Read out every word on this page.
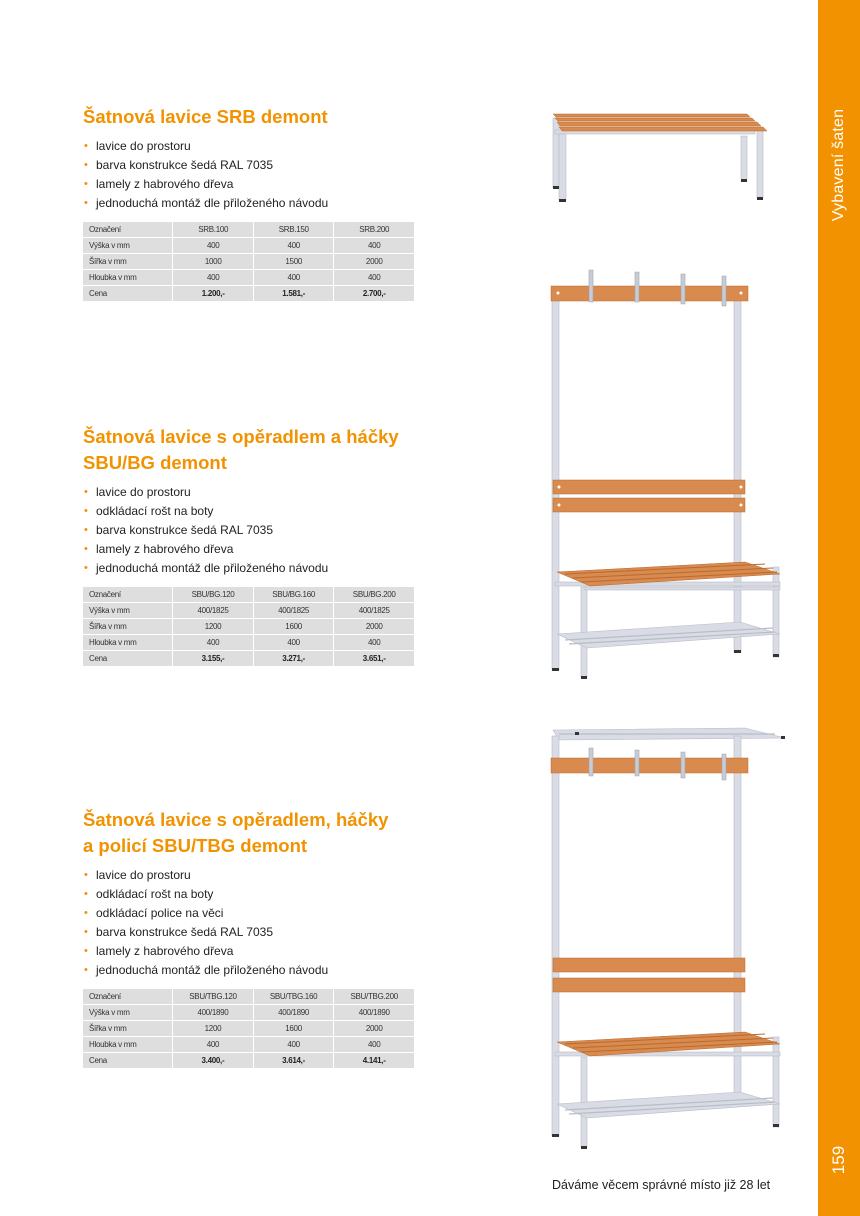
Vybavení šaten
159
Šatnová lavice SRB demont
• lavice do prostoru
• barva konstrukce šedá RAL 7035
• lamely z habrového dřeva
• jednoduchá montáž dle přiloženého návodu
Označení	SRB.100	SRB.150	SRB.200
Výška v mm	400	400	400
Šířka v mm	1000	1500	2000
Hloubka v mm	400	400	400
Cena	1.200,-	1.581,-	2.700,-
Šatnová lavice s opěradlem a háčky
SBU/BG demont
• lavice do prostoru
• odkládací rošt na boty
• barva konstrukce šedá RAL 7035
• lamely z habrového dřeva
• jednoduchá montáž dle přiloženého návodu
Označení	SBU/BG.120	SBU/BG.160	SBU/BG.200
Výška v mm	400/1825	400/1825	400/1825
Šířka v mm	1200	1600	2000
Hloubka v mm	400	400	400
Cena	3.155,-	3.271,-	3.651,-
Šatnová lavice s opěradlem, háčky
a policí SBU/TBG demont
• lavice do prostoru
• odkládací rošt na boty
• odkládací police na věci
• barva konstrukce šedá RAL 7035
• lamely z habrového dřeva
• jednoduchá montáž dle přiloženého návodu
Označení	SBU/TBG.120	SBU/TBG.160	SBU/TBG.200
Výška v mm	400/1890	400/1890	400/1890
Šířka v mm	1200	1600	2000
Hloubka v mm	400	400	400
Cena	3.400,-	3.614,-	4.141,-
Dáváme věcem správné místo již 28 let
